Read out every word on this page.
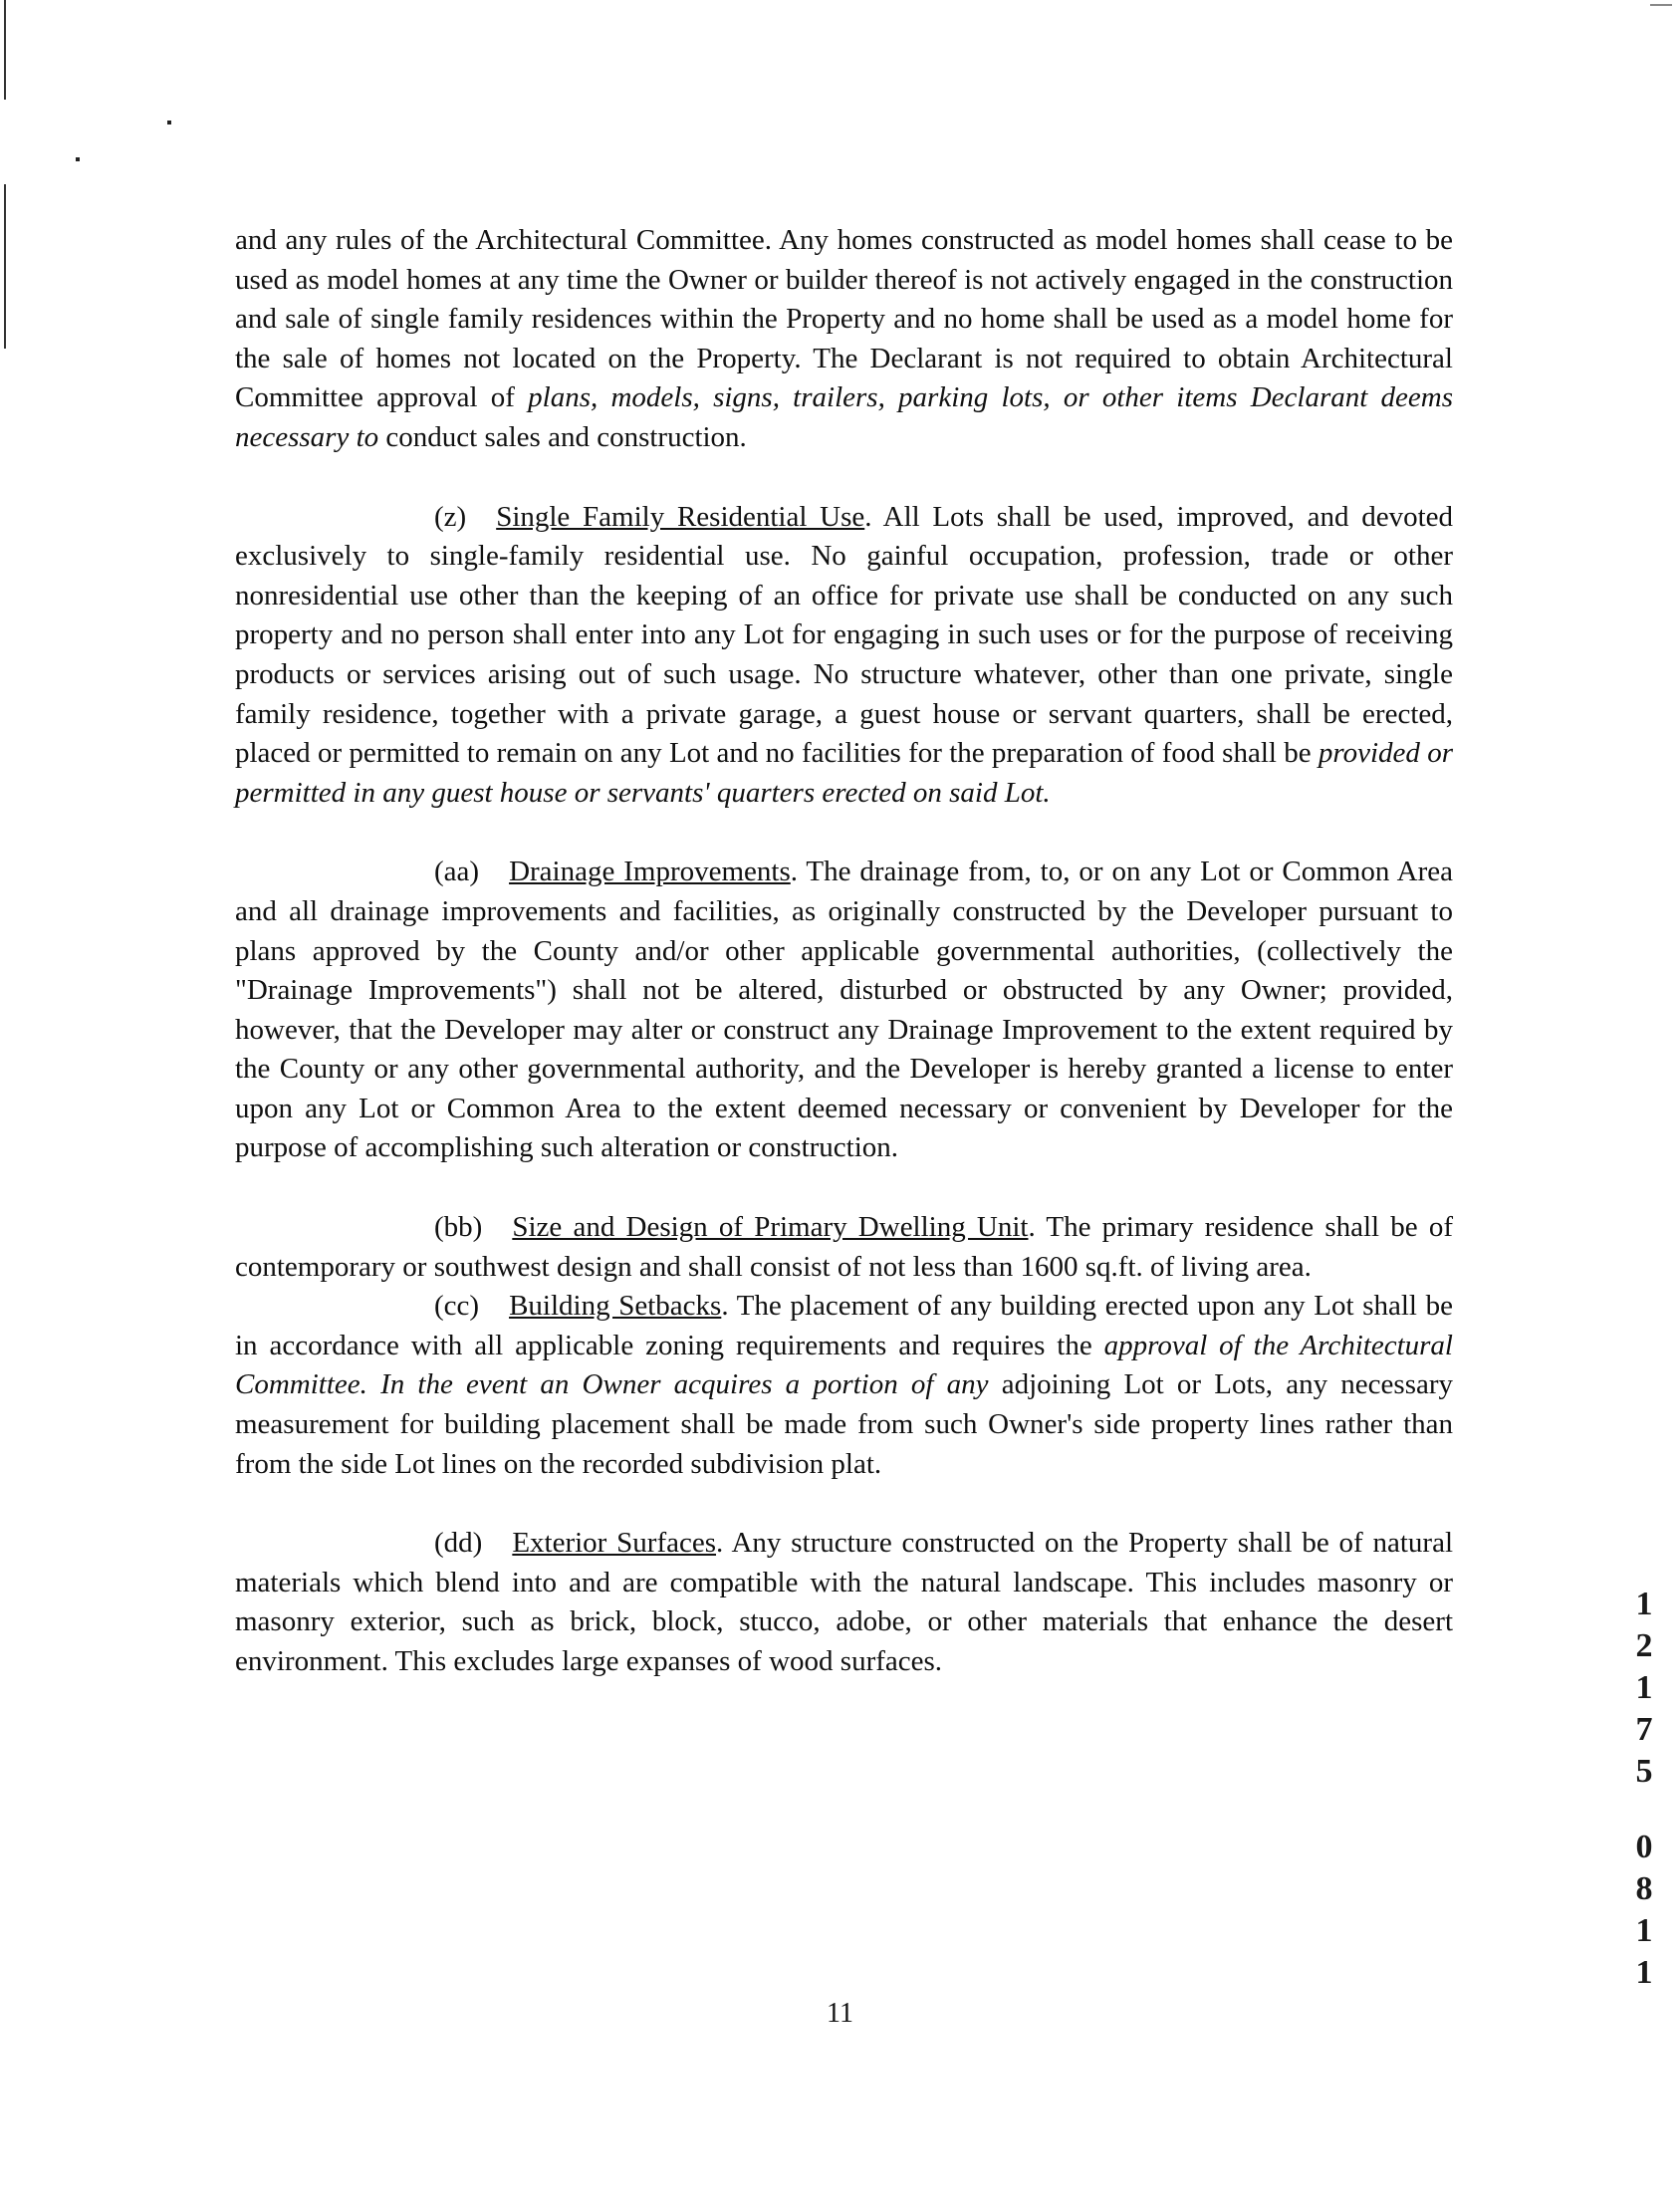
and any rules of the Architectural Committee. Any homes constructed as model homes shall cease to be used as model homes at any time the Owner or builder thereof is not actively engaged in the construction and sale of single family residences within the Property and no home shall be used as a model home for the sale of homes not located on the Property. The Declarant is not required to obtain Architectural Committee approval of plans, models, signs, trailers, parking lots, or other items Declarant deems necessary to conduct sales and construction.

(z) Single Family Residential Use. All Lots shall be used, improved, and devoted exclusively to single-family residential use. No gainful occupation, profession, trade or other nonresidential use other than the keeping of an office for private use shall be conducted on any such property and no person shall enter into any Lot for engaging in such uses or for the purpose of receiving products or services arising out of such usage. No structure whatever, other than one private, single family residence, together with a private garage, a guest house or servant quarters, shall be erected, placed or permitted to remain on any Lot and no facilities for the preparation of food shall be provided or permitted in any guest house or servants' quarters erected on said Lot.

(aa) Drainage Improvements. The drainage from, to, or on any Lot or Common Area and all drainage improvements and facilities, as originally constructed by the Developer pursuant to plans approved by the County and/or other applicable governmental authorities, (collectively the "Drainage Improvements") shall not be altered, disturbed or obstructed by any Owner; provided, however, that the Developer may alter or construct any Drainage Improvement to the extent required by the County or any other governmental authority, and the Developer is hereby granted a license to enter upon any Lot or Common Area to the extent deemed necessary or convenient by Developer for the purpose of accomplishing such alteration or construction.

(bb) Size and Design of Primary Dwelling Unit. The primary residence shall be of contemporary or southwest design and shall consist of not less than 1600 sq.ft. of living area.

(cc) Building Setbacks. The placement of any building erected upon any Lot shall be in accordance with all applicable zoning requirements and requires the approval of the Architectural Committee. In the event an Owner acquires a portion of any adjoining Lot or Lots, any necessary measurement for building placement shall be made from such Owner's side property lines rather than from the side Lot lines on the recorded subdivision plat.

(dd) Exterior Surfaces. Any structure constructed on the Property shall be of natural materials which blend into and are compatible with the natural landscape. This includes masonry or masonry exterior, such as brick, block, stucco, adobe, or other materials that enhance the desert environment. This excludes large expanses of wood surfaces.

11
1
2
1
7
5
0
8
1
1
